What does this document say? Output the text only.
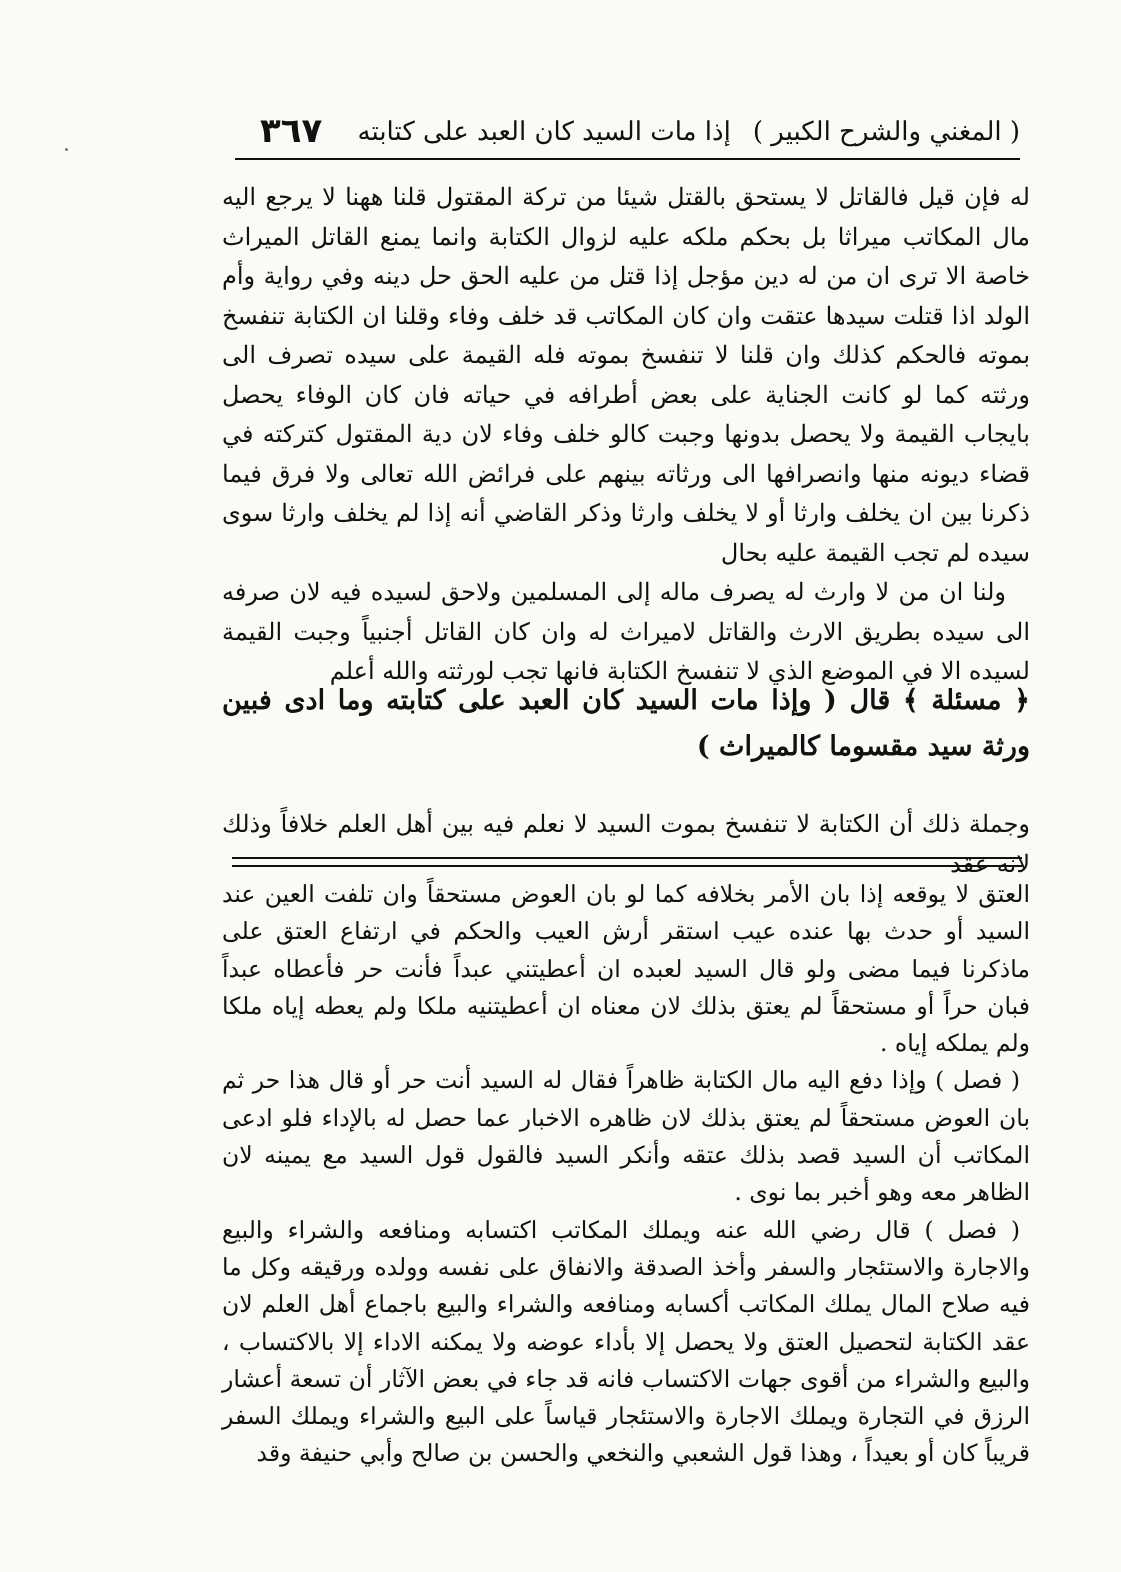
( المغني والشرح الكبير )
إذا مات السيد كان العبد على كتابته
٣٦٧

له فإن قيل فالقاتل لا يستحق بالقتل شيئا من تركة المقتول قلنا ههنا لا يرجع اليه مال المكاتب ميراثا بل بحكم ملكه عليه لزوال الكتابة وانما يمنع القاتل الميراث خاصة الا ترى ان من له دين مؤجل إذا قتل من عليه الحق حل دينه وفي رواية وأم الولد اذا قتلت سيدها عتقت وان كان المكاتب قد خلف وفاء وقلنا ان الكتابة تنفسخ بموته فالحكم كذلك وان قلنا لا تنفسخ بموته فله القيمة على سيده تصرف الى ورثته كما لو كانت الجناية على بعض أطرافه في حياته فان كان الوفاء يحصل بايجاب القيمة ولا يحصل بدونها وجبت كالو خلف وفاء لان دية المقتول كتركته في قضاء ديونه منها وانصرافها الى ورثاته بينهم على فرائض الله تعالى ولا فرق فيما ذكرنا بين ان يخلف وارثا أو لا يخلف وارثا وذكر القاضي أنه إذا لم يخلف وارثا سوى سيده لم تجب القيمة عليه بحال

ولنا ان من لا وارث له يصرف ماله إلى المسلمين ولاحق لسيده فيه لان صرفه الى سيده بطريق الارث والقاتل لاميراث له وان كان القاتل أجنبياً وجبت القيمة لسيده الا في الموضع الذي لا تنفسخ الكتابة فانها تجب لورثته والله أعلم

﴿ مسئلة ﴾ قال ( وإذا مات السيد كان العبد على كتابته وما ادى فبين ورثة سيد مقسوما كالميراث )

وجملة ذلك أن الكتابة لا تنفسخ بموت السيد لا نعلم فيه بين أهل العلم خلافاً وذلك لانه عقد

العتق لا يوقعه إذا بان الأمر بخلافه كما لو بان العوض مستحقاً وان تلفت العين عند السيد أو حدث بها عنده عيب استقر أرش العيب والحكم في ارتفاع العتق على ماذكرنا فيما مضى ولو قال السيد لعبده ان أعطيتني عبداً فأنت حر فأعطاه عبداً فبان حراً أو مستحقاً لم يعتق بذلك لان معناه ان أعطيتنيه ملكا ولم يعطه إياه ملكا ولم يملكه إياه .

( فصل ) وإذا دفع اليه مال الكتابة ظاهراً فقال له السيد أنت حر أو قال هذا حر ثم بان العوض مستحقاً لم يعتق بذلك لان ظاهره الاخبار عما حصل له بالإداء فلو ادعى المكاتب أن السيد قصد بذلك عتقه وأنكر السيد فالقول قول السيد مع يمينه لان الظاهر معه وهو أخبر بما نوى .

( فصل ) قال رضي الله عنه ويملك المكاتب اكتسابه ومنافعه والشراء والبيع والاجارة والاستئجار والسفر وأخذ الصدقة والانفاق على نفسه وولده ورقيقه وكل ما فيه صلاح المال يملك المكاتب أكسابه ومنافعه والشراء والبيع باجماع أهل العلم لان عقد الكتابة لتحصيل العتق ولا يحصل إلا بأداء عوضه ولا يمكنه الاداء إلا بالاكتساب ، والبيع والشراء من أقوى جهات الاكتساب فانه قد جاء في بعض الآثار أن تسعة أعشار الرزق في التجارة ويملك الاجارة والاستئجار قياساً على البيع والشراء ويملك السفر قريباً كان أو بعيداً ، وهذا قول الشعبي والنخعي والحسن بن صالح وأبي حنيفة وقد
